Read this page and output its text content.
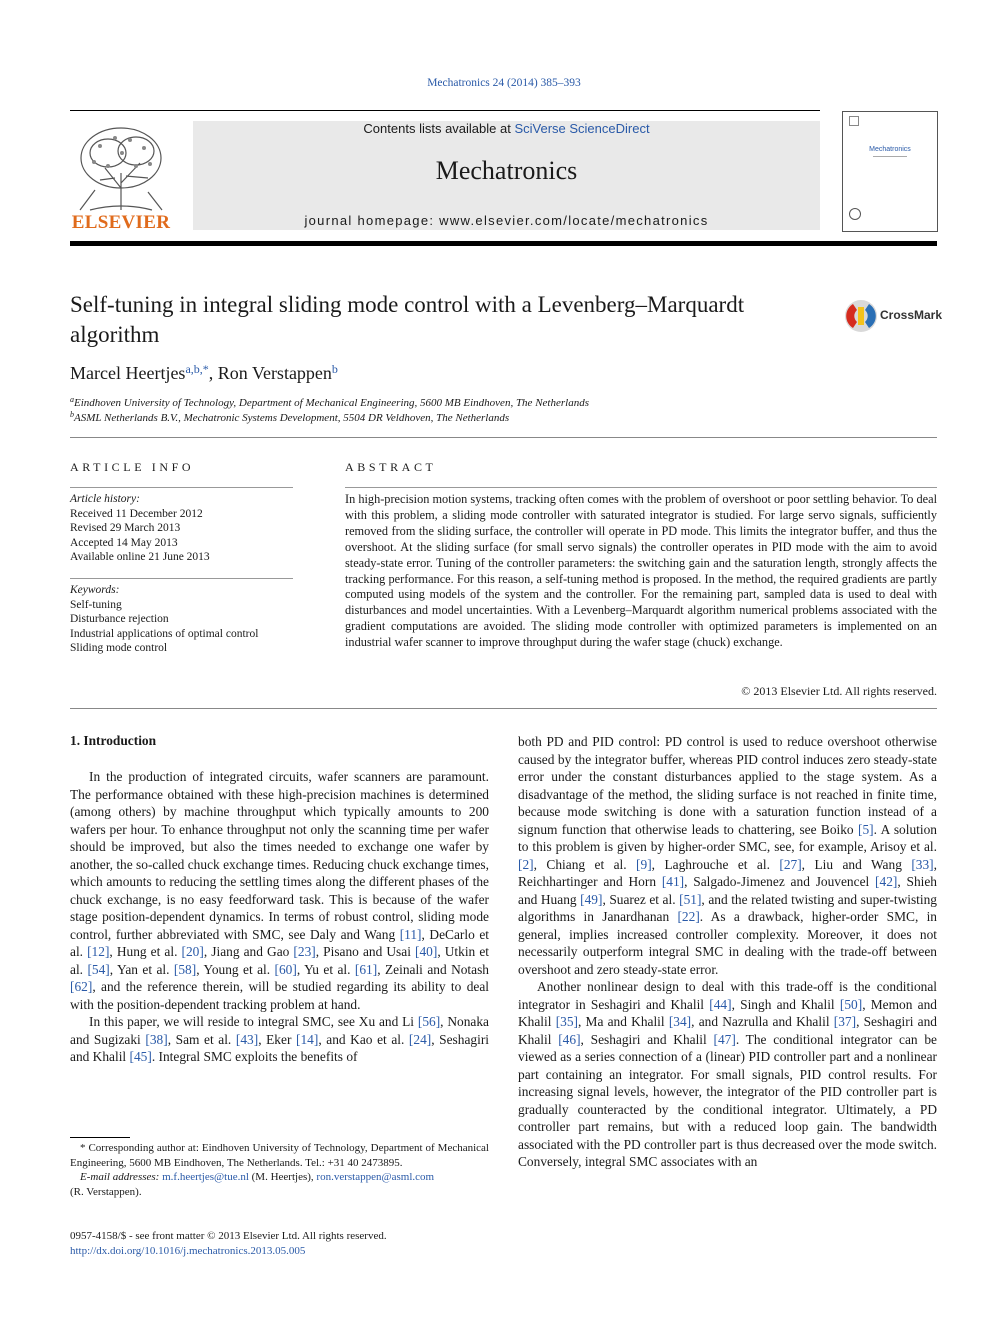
Mechatronics 24 (2014) 385–393
ELSEVIER
Contents lists available at SciVerse ScienceDirect
Mechatronics
journal homepage: www.elsevier.com/locate/mechatronics
Mechatronics
Self-tuning in integral sliding mode control with a Levenberg–Marquardt
algorithm
CrossMark
Marcel Heertjes$^{a,b,*}$, Ron Verstappen$^b$
$^a$Eindhoven University of Technology, Department of Mechanical Engineering, 5600 MB Eindhoven, The Netherlands
$^b$ASML Netherlands B.V., Mechatronic Systems Development, 5504 DR Veldhoven, The Netherlands
ARTICLE INFO	ABSTRACT
Article history:
Received 11 December 2012
Revised 29 March 2013
Accepted 14 May 2013
Available online 21 June 2013
Keywords:
Self-tuning
Disturbance rejection
Industrial applications of optimal control
Sliding mode control
In high-precision motion systems, tracking often comes with the problem of overshoot or poor settling behavior. To deal with this problem, a sliding mode controller with saturated integrator is studied. For large servo signals, sufficiently removed from the sliding surface, the controller will operate in PD mode. This limits the integrator buffer, and thus the overshoot. At the sliding surface (for small servo signals) the controller operates in PID mode with the aim to avoid steady-state error. Tuning of the controller parameters: the switching gain and the saturation length, strongly affects the tracking performance. For this reason, a self-tuning method is proposed. In the method, the required gradients are partly computed using models of the system and the controller. For the remaining part, sampled data is used to deal with disturbances and model uncertainties. With a Levenberg–Marquardt algorithm numerical problems associated with the gradient computations are avoided. The sliding mode controller with optimized parameters is implemented on an industrial wafer scanner to improve throughput during the wafer stage (chuck) exchange.
© 2013 Elsevier Ltd. All rights reserved.
1. Introduction

In the production of integrated circuits, wafer scanners are paramount. The performance obtained with these high-precision machines is determined (among others) by machine throughput which typically amounts to 200 wafers per hour. To enhance throughput not only the scanning time per wafer should be improved, but also the times needed to exchange one wafer by another, the so-called chuck exchange times. Reducing chuck exchange times, which amounts to reducing the settling times along the different phases of the chuck exchange, is no easy feedforward task. This is because of the wafer stage position-dependent dynamics. In terms of robust control, sliding mode control, further abbreviated with SMC, see Daly and Wang [11], DeCarlo et al. [12], Hung et al. [20], Jiang and Gao [23], Pisano and Usai [40], Utkin et al. [54], Yan et al. [58], Young et al. [60], Yu et al. [61], Zeinali and Notash [62], and the reference therein, will be studied regarding its ability to deal with the position-dependent tracking problem at hand.

In this paper, we will reside to integral SMC, see Xu and Li [56], Nonaka and Sugizaki [38], Sam et al. [43], Eker [14], and Kao et al. [24], Seshagiri and Khalil [45]. Integral SMC exploits the benefits of

both PD and PID control: PD control is used to reduce overshoot otherwise caused by the integrator buffer, whereas PID control induces zero steady-state error under the constant disturbances applied to the stage system. As a disadvantage of the method, the sliding surface is not reached in finite time, because mode switching is done with a saturation function instead of a signum function that otherwise leads to chattering, see Boiko [5]. A solution to this problem is given by higher-order SMC, see, for example, Arisoy et al. [2], Chiang et al. [9], Laghrouche et al. [27], Liu and Wang [33], Reichhartinger and Horn [41], Salgado-Jimenez and Jouvencel [42], Shieh and Huang [49], Suarez et al. [51], and the related twisting and super-twisting algorithms in Janardhanan [22]. As a drawback, higher-order SMC, in general, implies increased controller complexity. Moreover, it does not necessarily outperform integral SMC in dealing with the trade-off between overshoot and zero steady-state error.

Another nonlinear design to deal with this trade-off is the conditional integrator in Seshagiri and Khalil [44], Singh and Khalil [50], Memon and Khalil [35], Ma and Khalil [34], and Nazrulla and Khalil [37], Seshagiri and Khalil [46], Seshagiri and Khalil [47]. The conditional integrator can be viewed as a series connection of a (linear) PID controller part and a nonlinear part containing an integrator. For small signals, PID control results. For increasing signal levels, however, the integrator of the PID controller part is gradually counteracted by the conditional integrator. Ultimately, a PD controller part remains, but with a reduced loop gain. The bandwidth associated with the PD controller part is thus decreased over the mode switch. Conversely, integral SMC associates with an

* Corresponding author at: Eindhoven University of Technology, Department of Mechanical Engineering, 5600 MB Eindhoven, The Netherlands. Tel.: +31 40 2473895.
E-mail addresses: m.f.heertjes@tue.nl (M. Heertjes), ron.verstappen@asml.com
(R. Verstappen).
0957-4158/$ - see front matter © 2013 Elsevier Ltd. All rights reserved.
http://dx.doi.org/10.1016/j.mechatronics.2013.05.005
